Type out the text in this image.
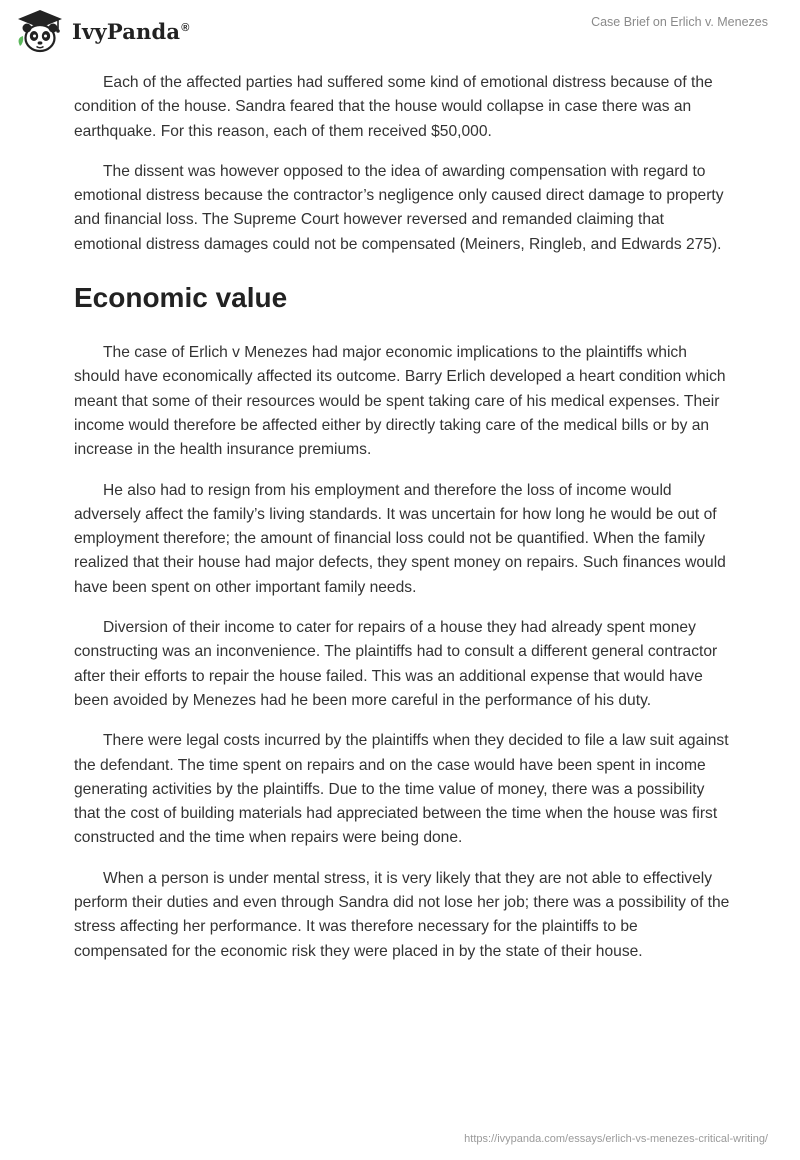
IvyPanda®	Case Brief on Erlich v. Menezes

Each of the affected parties had suffered some kind of emotional distress because of the condition of the house. Sandra feared that the house would collapse in case there was an earthquake. For this reason, each of them received $50,000.

The dissent was however opposed to the idea of awarding compensation with regard to emotional distress because the contractor’s negligence only caused direct damage to property and financial loss. The Supreme Court however reversed and remanded claiming that emotional distress damages could not be compensated (Meiners, Ringleb, and Edwards 275).

Economic value

The case of Erlich v Menezes had major economic implications to the plaintiffs which should have economically affected its outcome. Barry Erlich developed a heart condition which meant that some of their resources would be spent taking care of his medical expenses. Their income would therefore be affected either by directly taking care of the medical bills or by an increase in the health insurance premiums.

He also had to resign from his employment and therefore the loss of income would adversely affect the family’s living standards. It was uncertain for how long he would be out of employment therefore; the amount of financial loss could not be quantified. When the family realized that their house had major defects, they spent money on repairs. Such finances would have been spent on other important family needs.

Diversion of their income to cater for repairs of a house they had already spent money constructing was an inconvenience. The plaintiffs had to consult a different general contractor after their efforts to repair the house failed. This was an additional expense that would have been avoided by Menezes had he been more careful in the performance of his duty.

There were legal costs incurred by the plaintiffs when they decided to file a law suit against the defendant. The time spent on repairs and on the case would have been spent in income generating activities by the plaintiffs. Due to the time value of money, there was a possibility that the cost of building materials had appreciated between the time when the house was first constructed and the time when repairs were being done.

When a person is under mental stress, it is very likely that they are not able to effectively perform their duties and even through Sandra did not lose her job; there was a possibility of the stress affecting her performance. It was therefore necessary for the plaintiffs to be compensated for the economic risk they were placed in by the state of their house.

https://ivypanda.com/essays/erlich-vs-menezes-critical-writing/
